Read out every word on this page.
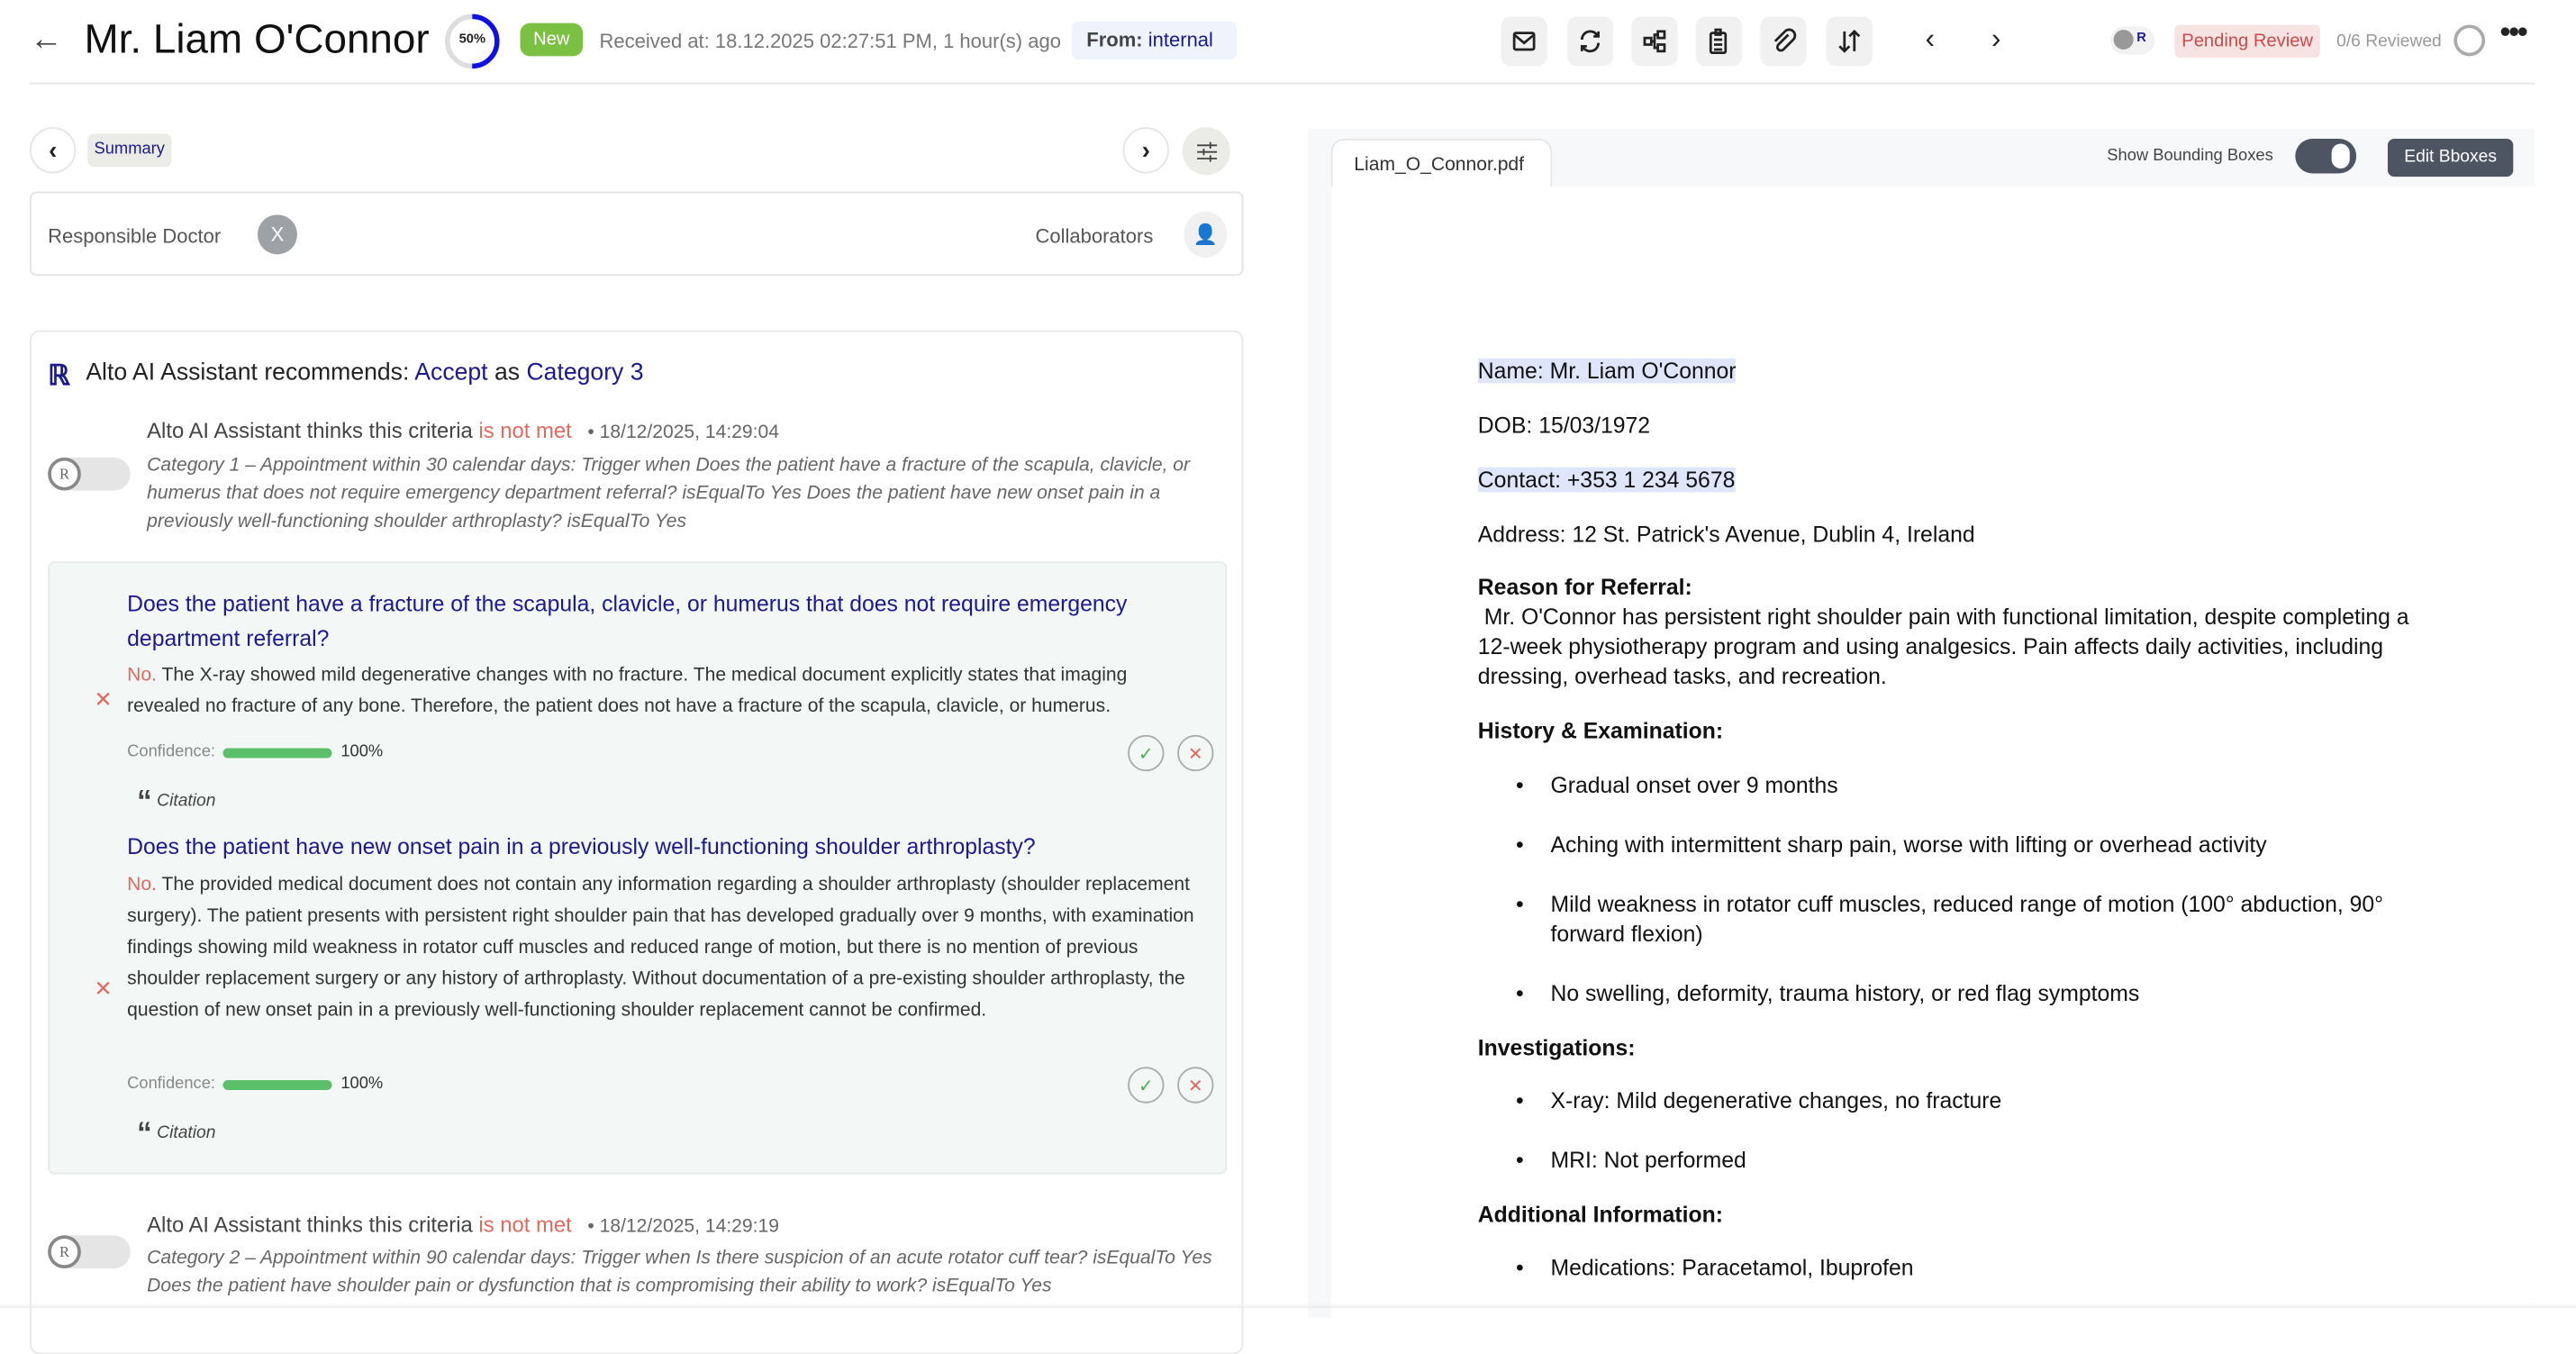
← Mr. Liam O'Connor	50%	New	Received at: 18.12.2025 02:27:51 PM, 1 hour(s) ago	From: internal	‹	›	R	Pending Review	0/6 Reviewed	•••
‹	Summary	›
Responsible Doctor	X	Collaborators	👤
ℝ Alto AI Assistant recommends: Accept as Category 3
R
Alto AI Assistant thinks this criteria is not met • 18/12/2025, 14:29:04
Category 1 – Appointment within 30 calendar days: Trigger when Does the patient have a fracture of the scapula, clavicle, or humerus that does not require emergency department referral? isEqualTo Yes Does the patient have new onset pain in a previously well-functioning shoulder arthroplasty? isEqualTo Yes
Does the patient have a fracture of the scapula, clavicle, or humerus that does not require emergency department referral?
✕
No. The X-ray showed mild degenerative changes with no fracture. The medical document explicitly states that imaging revealed no fracture of any bone. Therefore, the patient does not have a fracture of the scapula, clavicle, or humerus.
Confidence:	100%	✓	✕
“ Citation
Does the patient have new onset pain in a previously well-functioning shoulder arthroplasty?
✕
No. The provided medical document does not contain any information regarding a shoulder arthroplasty (shoulder replacement surgery). The patient presents with persistent right shoulder pain that has developed gradually over 9 months, with examination findings showing mild weakness in rotator cuff muscles and reduced range of motion, but there is no mention of previous shoulder replacement surgery or any history of arthroplasty. Without documentation of a pre-existing shoulder arthroplasty, the question of new onset pain in a previously well-functioning shoulder replacement cannot be confirmed.
Confidence:	100%	✓	✕
“ Citation
R
Alto AI Assistant thinks this criteria is not met • 18/12/2025, 14:29:19
Category 2 – Appointment within 90 calendar days: Trigger when Is there suspicion of an acute rotator cuff tear? isEqualTo Yes Does the patient have shoulder pain or dysfunction that is compromising their ability to work? isEqualTo Yes
Liam_O_Connor.pdf	Show Bounding Boxes	Edit Bboxes
Name: Mr. Liam O'Connor
DOB: 15/03/1972
Contact: +353 1 234 5678
Address: 12 St. Patrick's Avenue, Dublin 4, Ireland
Reason for Referral:
Mr. O'Connor has persistent right shoulder pain with functional limitation, despite completing a 12-week physiotherapy program and using analgesics. Pain affects daily activities, including dressing, overhead tasks, and recreation.
History & Examination:
• Gradual onset over 9 months
• Aching with intermittent sharp pain, worse with lifting or overhead activity
• Mild weakness in rotator cuff muscles, reduced range of motion (100° abduction, 90° forward flexion)
• No swelling, deformity, trauma history, or red flag symptoms
Investigations:
• X-ray: Mild degenerative changes, no fracture
• MRI: Not performed
Additional Information:
• Medications: Paracetamol, Ibuprofen
